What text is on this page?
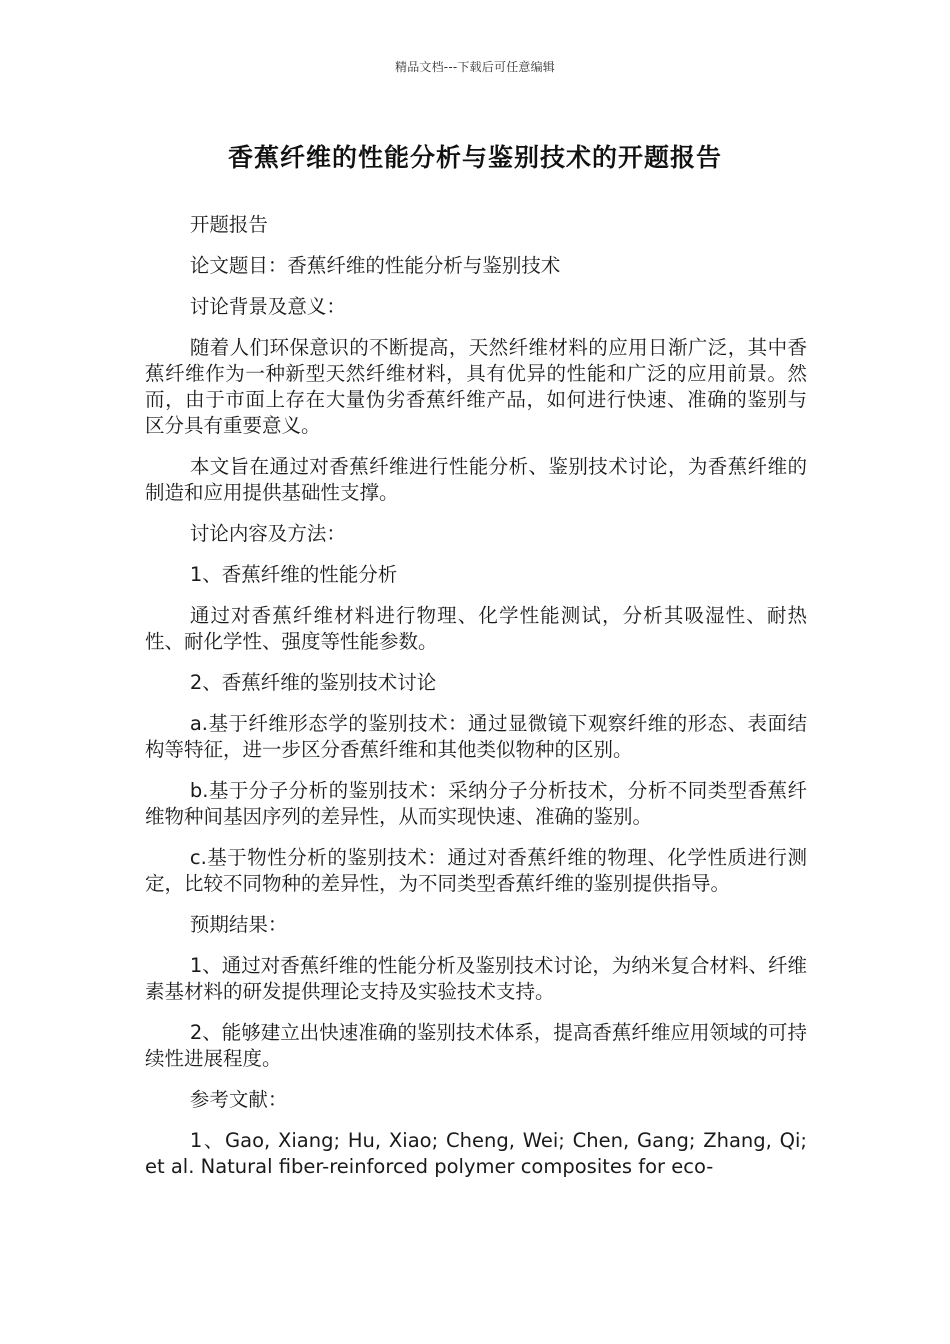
精品文档---下载后可任意编辑
香蕉纤维的性能分析与鉴别技术的开题报告

开题报告

论文题目：香蕉纤维的性能分析与鉴别技术

讨论背景及意义：

随着人们环保意识的不断提高，天然纤维材料的应用日渐广泛，其中香蕉纤维作为一种新型天然纤维材料，具有优异的性能和广泛的应用前景。然而，由于市面上存在大量伪劣香蕉纤维产品，如何进行快速、准确的鉴别与区分具有重要意义。

本文旨在通过对香蕉纤维进行性能分析、鉴别技术讨论，为香蕉纤维的制造和应用提供基础性支撑。

讨论内容及方法：

1、香蕉纤维的性能分析

通过对香蕉纤维材料进行物理、化学性能测试，分析其吸湿性、耐热性、耐化学性、强度等性能参数。

2、香蕉纤维的鉴别技术讨论

a.基于纤维形态学的鉴别技术：通过显微镜下观察纤维的形态、表面结构等特征，进一步区分香蕉纤维和其他类似物种的区别。

b.基于分子分析的鉴别技术：采纳分子分析技术，分析不同类型香蕉纤维物种间基因序列的差异性，从而实现快速、准确的鉴别。

c.基于物性分析的鉴别技术：通过对香蕉纤维的物理、化学性质进行测定，比较不同物种的差异性，为不同类型香蕉纤维的鉴别提供指导。

预期结果：

1、通过对香蕉纤维的性能分析及鉴别技术讨论，为纳米复合材料、纤维素基材料的研发提供理论支持及实验技术支持。

2、能够建立出快速准确的鉴别技术体系，提高香蕉纤维应用领域的可持续性进展程度。

参考文献：

1、Gao, Xiang; Hu, Xiao; Cheng, Wei; Chen, Gang; Zhang, Qi; et al. Natural fiber-reinforced polymer composites for eco-
